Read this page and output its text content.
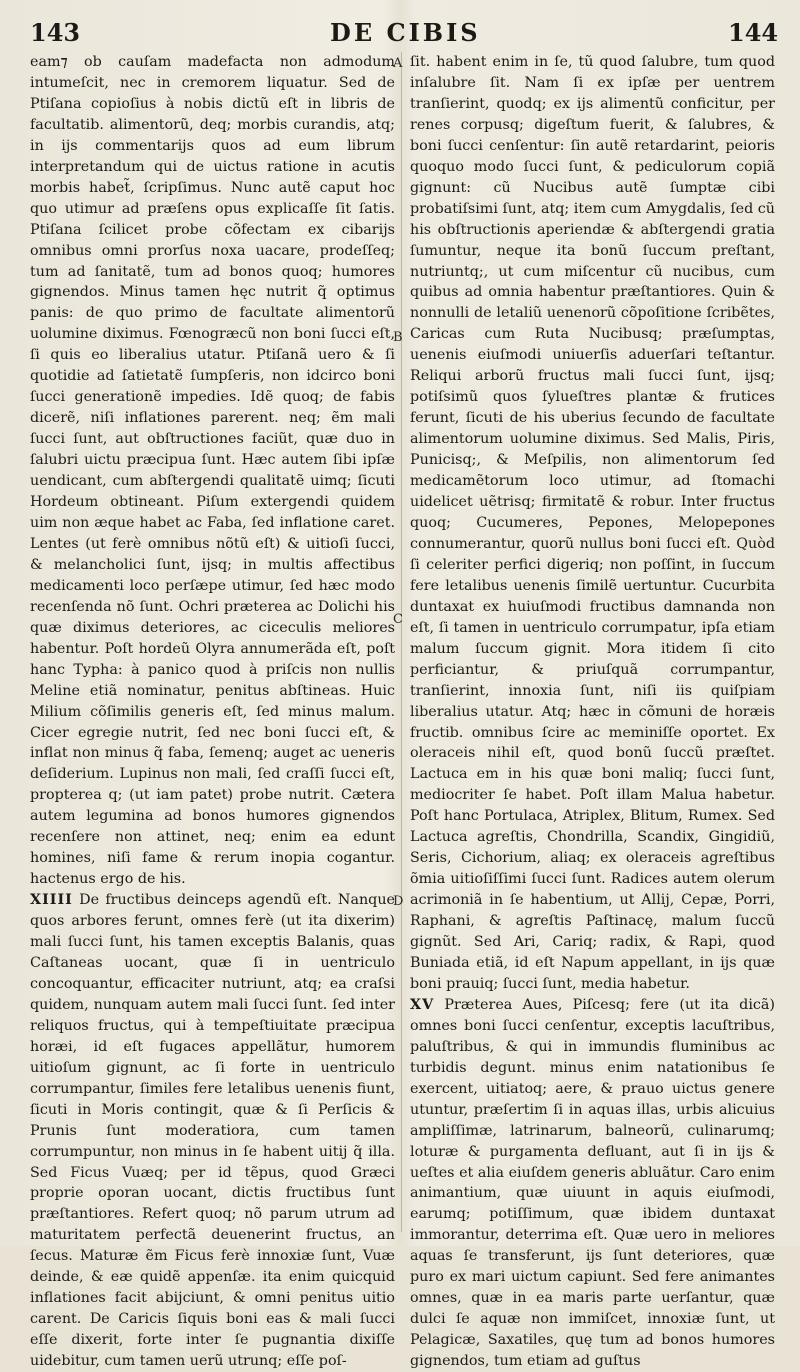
143	DE CIBIS	144
A
B
C
D

eam⁊ ob cauſam madefacta non admodum intumeſcit, nec in cremorem liquatur. Sed de Ptiſana copioſius à nobis dictũ eſt in libris de facultatib. alimentorũ, deq; morbis curandis, atq; in ijs commentarijs quos ad eum librum interpretandum qui de uictus ratione in acutis morbis habet̃, ſcripſimus. Nunc autẽ caput hoc quo utimur ad præſens opus explicaſſe ſit ſatis. Ptiſana ſcilicet probe cõfectam ex cibarijs omnibus omni prorſus noxa uacare, prodeſſeq; tum ad ſanitatẽ, tum ad bonos quoq; humores gignendos. Minus tamen hęc nutrit q̃ optimus panis: de quo primo de facultate alimentorũ uolumine diximus. Fœnogræcũ non boni ſucci eſt, ſi quis eo liberalius utatur. Ptiſanã uero & ſi quotidie ad ſatietatẽ ſumpſeris, non idcirco boni ſucci generationẽ impedies. Idẽ quoq; de fabis dicerẽ, niſi inflationes parerent. neq; ẽm mali ſucci ſunt, aut obſtructiones faciũt, quæ duo in ſalubri uictu præcipua ſunt. Hæc autem ſibi ipſæ uendicant, cum abſtergendi qualitatẽ uimq; ſicuti Hordeum obtineant. Piſum extergendi quidem uim non æque habet ac Faba, ſed inflatione caret. Lentes (ut ferè omnibus nõtũ eſt) & uitioſi ſucci, & melancholici ſunt, ijsq; in multis affectibus medicamenti loco perſæpe utimur, ſed hæc modo recenſenda nõ ſunt. Ochri præterea ac Dolichi his quæ diximus deteriores, ac ciceculis meliores habentur. Poſt hordeũ Olyra annumerãda eſt, poſt hanc Typha: à panico quod à priſcis non nullis Meline etiã nominatur, penitus abſtineas. Huic Milium cõſimilis generis eſt, ſed minus malum. Cicer egregie nutrit, ſed nec boni ſucci eſt, & inflat non minus q̃ faba, ſemenq; auget ac ueneris deſiderium. Lupinus non mali, ſed craſſi ſucci eſt, propterea q; (ut iam patet) probe nutrit. Cætera autem legumina ad bonos humores gignendos recenſere non attinet, neq; enim ea edunt homines, niſi fame & rerum inopia cogantur. hactenus ergo de his.

XIIII De fructibus deinceps agendũ eſt. Nanque quos arbores ferunt, omnes ferè (ut ita dixerim) mali ſucci ſunt, his tamen exceptis Balanis, quas Caſtaneas uocant, quæ ſi in uentriculo concoquantur, efficaciter nutriunt, atq; ea craſsi quidem, nunquam autem mali ſucci ſunt. ſed inter reliquos fructus, qui à tempeſtiuitate præcipua horæi, id eſt fugaces appellãtur, humorem uitioſum gignunt, ac ſi forte in uentriculo corrumpantur, ſimiles fere letalibus uenenis fiunt, ſicuti in Moris contingit, quæ & ſi Perſicis & Prunis ſunt moderatiora, cum tamen corrumpuntur, non minus in ſe habent uitij q̃ illa. Sed Ficus Vuæq; per id tẽpus, quod Græci proprie oporan uocant, dictis fructibus ſunt præſtantiores. Refert quoq; nõ parum utrum ad maturitatem perfectã deuenerint fructus, an ſecus. Maturæ ẽm Ficus ferè innoxiæ ſunt, Vuæ deinde, & eæ quidẽ appenſæ. ita enim quicquid inflationes facit abijciunt, & omni penitus uitio carent. De Caricis ſiquis boni eas & mali ſucci eſſe dixerit, forte inter ſe pugnantia dixiſſe uidebitur, cum tamen uerũ utrunq; eſſe poſ-

ſit. habent enim in ſe, tũ quod ſalubre, tum quod inſalubre ſit. Nam ſi ex ipſæ per uentrem tranſierint, quodq; ex ijs alimentũ conficitur, per renes corpusq; digeſtum fuerit, & ſalubres, & boni ſucci cenſentur: ſin autẽ retardarint, peioris quoquo modo ſucci ſunt, & pediculorum copiã gignunt: cũ Nucibus autẽ ſumptæ cibi probatiſsimi ſunt, atq; item cum Amygdalis, ſed cũ his obſtructionis aperiendæ & abſtergendi gratia ſumuntur, neque ita bonũ ſuccum preſtant, nutriuntq;, ut cum miſcentur cũ nucibus, cum quibus ad omnia habentur præſtantiores. Quin & nonnulli de letaliũ uenenorũ cõpoſitione ſcribẽtes, Caricas cum Ruta Nucibusq; præſumptas, uenenis eiuſmodi uniuerſis aduerſari teſtantur. Reliqui arborũ fructus mali ſucci ſunt, ijsq; potiſsimũ quos ſylueſtres plantæ & frutices ferunt, ſicuti de his uberius ſecundo de facultate alimentorum uolumine diximus. Sed Malis, Piris, Punicisq;, & Meſpilis, non alimentorum ſed medicamẽtorum loco utimur, ad ſtomachi uidelicet uẽtrisq; firmitatẽ & robur. Inter fructus quoq; Cucumeres, Pepones, Melopepones connumerantur, quorũ nullus boni ſucci eſt. Quòd ſi celeriter perfici digeriq; non poſſint, in ſuccum fere letalibus uenenis ſimilẽ uertuntur. Cucurbita duntaxat ex huiuſmodi fructibus damnanda non eſt, ſi tamen in uentriculo corrumpatur, ipſa etiam malum ſuccum gignit. Mora itidem ſi cito perficiantur, & priuſquã corrumpantur, tranſierint, innoxia ſunt, niſi iis quiſpiam liberalius utatur. Atq; hæc in cõmuni de horæis fructib. omnibus ſcire ac meminiſſe oportet. Ex oleraceis nihil eſt, quod bonũ ſuccũ præſtet. Lactuca em in his quæ boni maliq; ſucci ſunt, mediocriter ſe habet. Poſt illam Malua habetur. Poſt hanc Portulaca, Atriplex, Blitum, Rumex. Sed Lactuca agreſtis, Chondrilla, Scandix, Gingidiũ, Seris, Cichorium, aliaq; ex oleraceis agreſtibus õmia uitioſiſſimi ſucci ſunt. Radices autem olerum acrimoniã in ſe habentium, ut Allij, Cepæ, Porri, Raphani, & agreſtis Paſtinacę, malum ſuccũ gignũt. Sed Ari, Cariq; radix, & Rapi, quod Buniada etiã, id eſt Napum appellant, in ijs quæ boni prauiq; ſucci ſunt, media habetur.

XV Præterea Aues, Piſcesq; fere (ut ita dicã) omnes boni ſucci cenſentur, exceptis lacuſtribus, paluſtribus, & qui in immundis fluminibus ac turbidis degunt. minus enim natationibus ſe exercent, uitiatoq; aere, & prauo uictus genere utuntur, præſertim ſi in aquas illas, urbis alicuius ampliſſimæ, latrinarum, balneorũ, culinarumq; loturæ & purgamenta defluant, aut ſi in ijs & ueſtes et alia eiuſdem generis abluãtur. Caro enim animantium, quæ uiuunt in aquis eiuſmodi, earumq; potiſſimum, quæ ibidem duntaxat immorantur, deterrima eſt. Quæ uero in meliores aquas ſe transferunt, ijs ſunt deteriores, quæ puro ex mari uictum capiunt. Sed fere animantes omnes, quæ in ea maris parte uerſantur, quæ dulci ſe aquæ non immiſcet, innoxiæ ſunt, ut Pelagicæ, Saxatiles, quę tum ad bonos humores gignendos, tum etiam ad guſtus
